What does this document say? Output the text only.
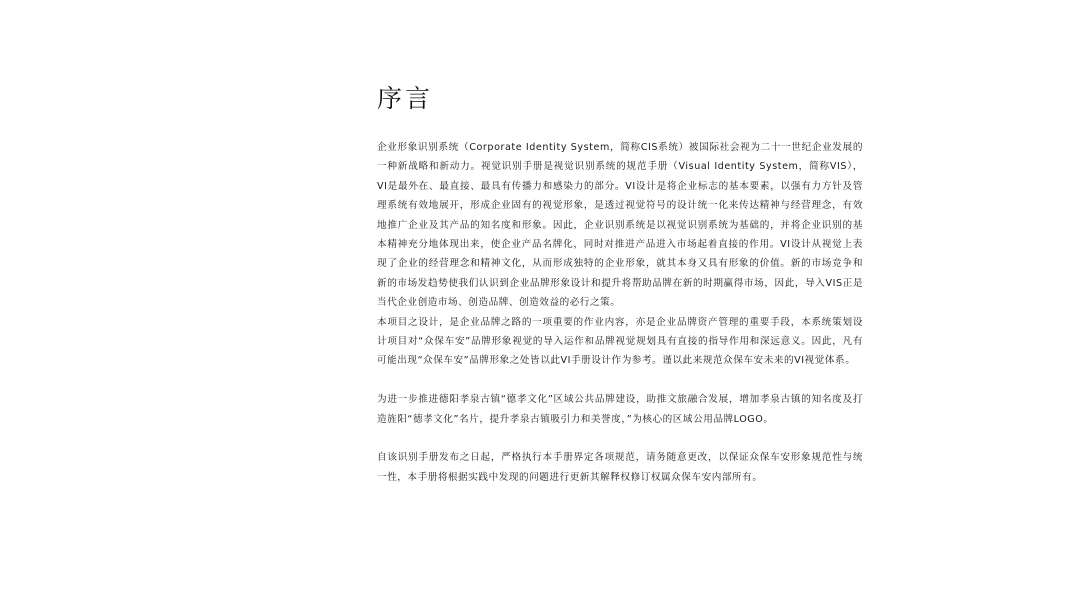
序言

企业形象识别系统（Corporate Identity System，简称CIS系统）被国际社会视为二十一世纪企业发展的一种新战略和新动力。视觉识别手册是视觉识别系统的规范手册（Visual Identity System，简称VIS），VI是最外在、最直接、最具有传播力和感染力的部分。VI设计是将企业标志的基本要素，以强有力方针及管理系统有效地展开，形成企业固有的视觉形象，是透过视觉符号的设计统一化来传达精神与经营理念，有效地推广企业及其产品的知名度和形象。因此，企业识别系统是以视觉识别系统为基础的，并将企业识别的基本精神充分地体现出来，使企业产品名牌化，同时对推进产品进入市场起着直接的作用。VI设计从视觉上表现了企业的经营理念和精神文化，从而形成独特的企业形象，就其本身又具有形象的价值。新的市场竞争和新的市场发趋势使我们认识到企业品牌形象设计和提升将帮助品牌在新的时期赢得市场，因此，导入VIS正是当代企业创造市场、创造品牌、创造效益的必行之策。

本项目之设计，是企业品牌之路的一项重要的作业内容，亦是企业品牌资产管理的重要手段，本系统策划设计项目对“众保车安”品牌形象视觉的导入运作和品牌视觉规划具有直接的指导作用和深远意义。因此，凡有可能出现“众保车安”品牌形象之处皆以此VI手册设计作为参考。谨以此来规范众保车安未来的VI视觉体系。

为进一步推进德阳孝泉古镇“德孝文化”区域公共品牌建设，助推文旅融合发展，增加孝泉古镇的知名度及打造旌阳“德孝文化”名片，提升孝泉古镇吸引力和美誉度，”为核心的区域公用品牌LOGO。

自该识别手册发布之日起，严格执行本手册界定各项规范，请务随意更改，以保证众保车安形象规范性与统一性，本手册将根据实践中发现的问题进行更新其解释权修订权属众保车安内部所有。
